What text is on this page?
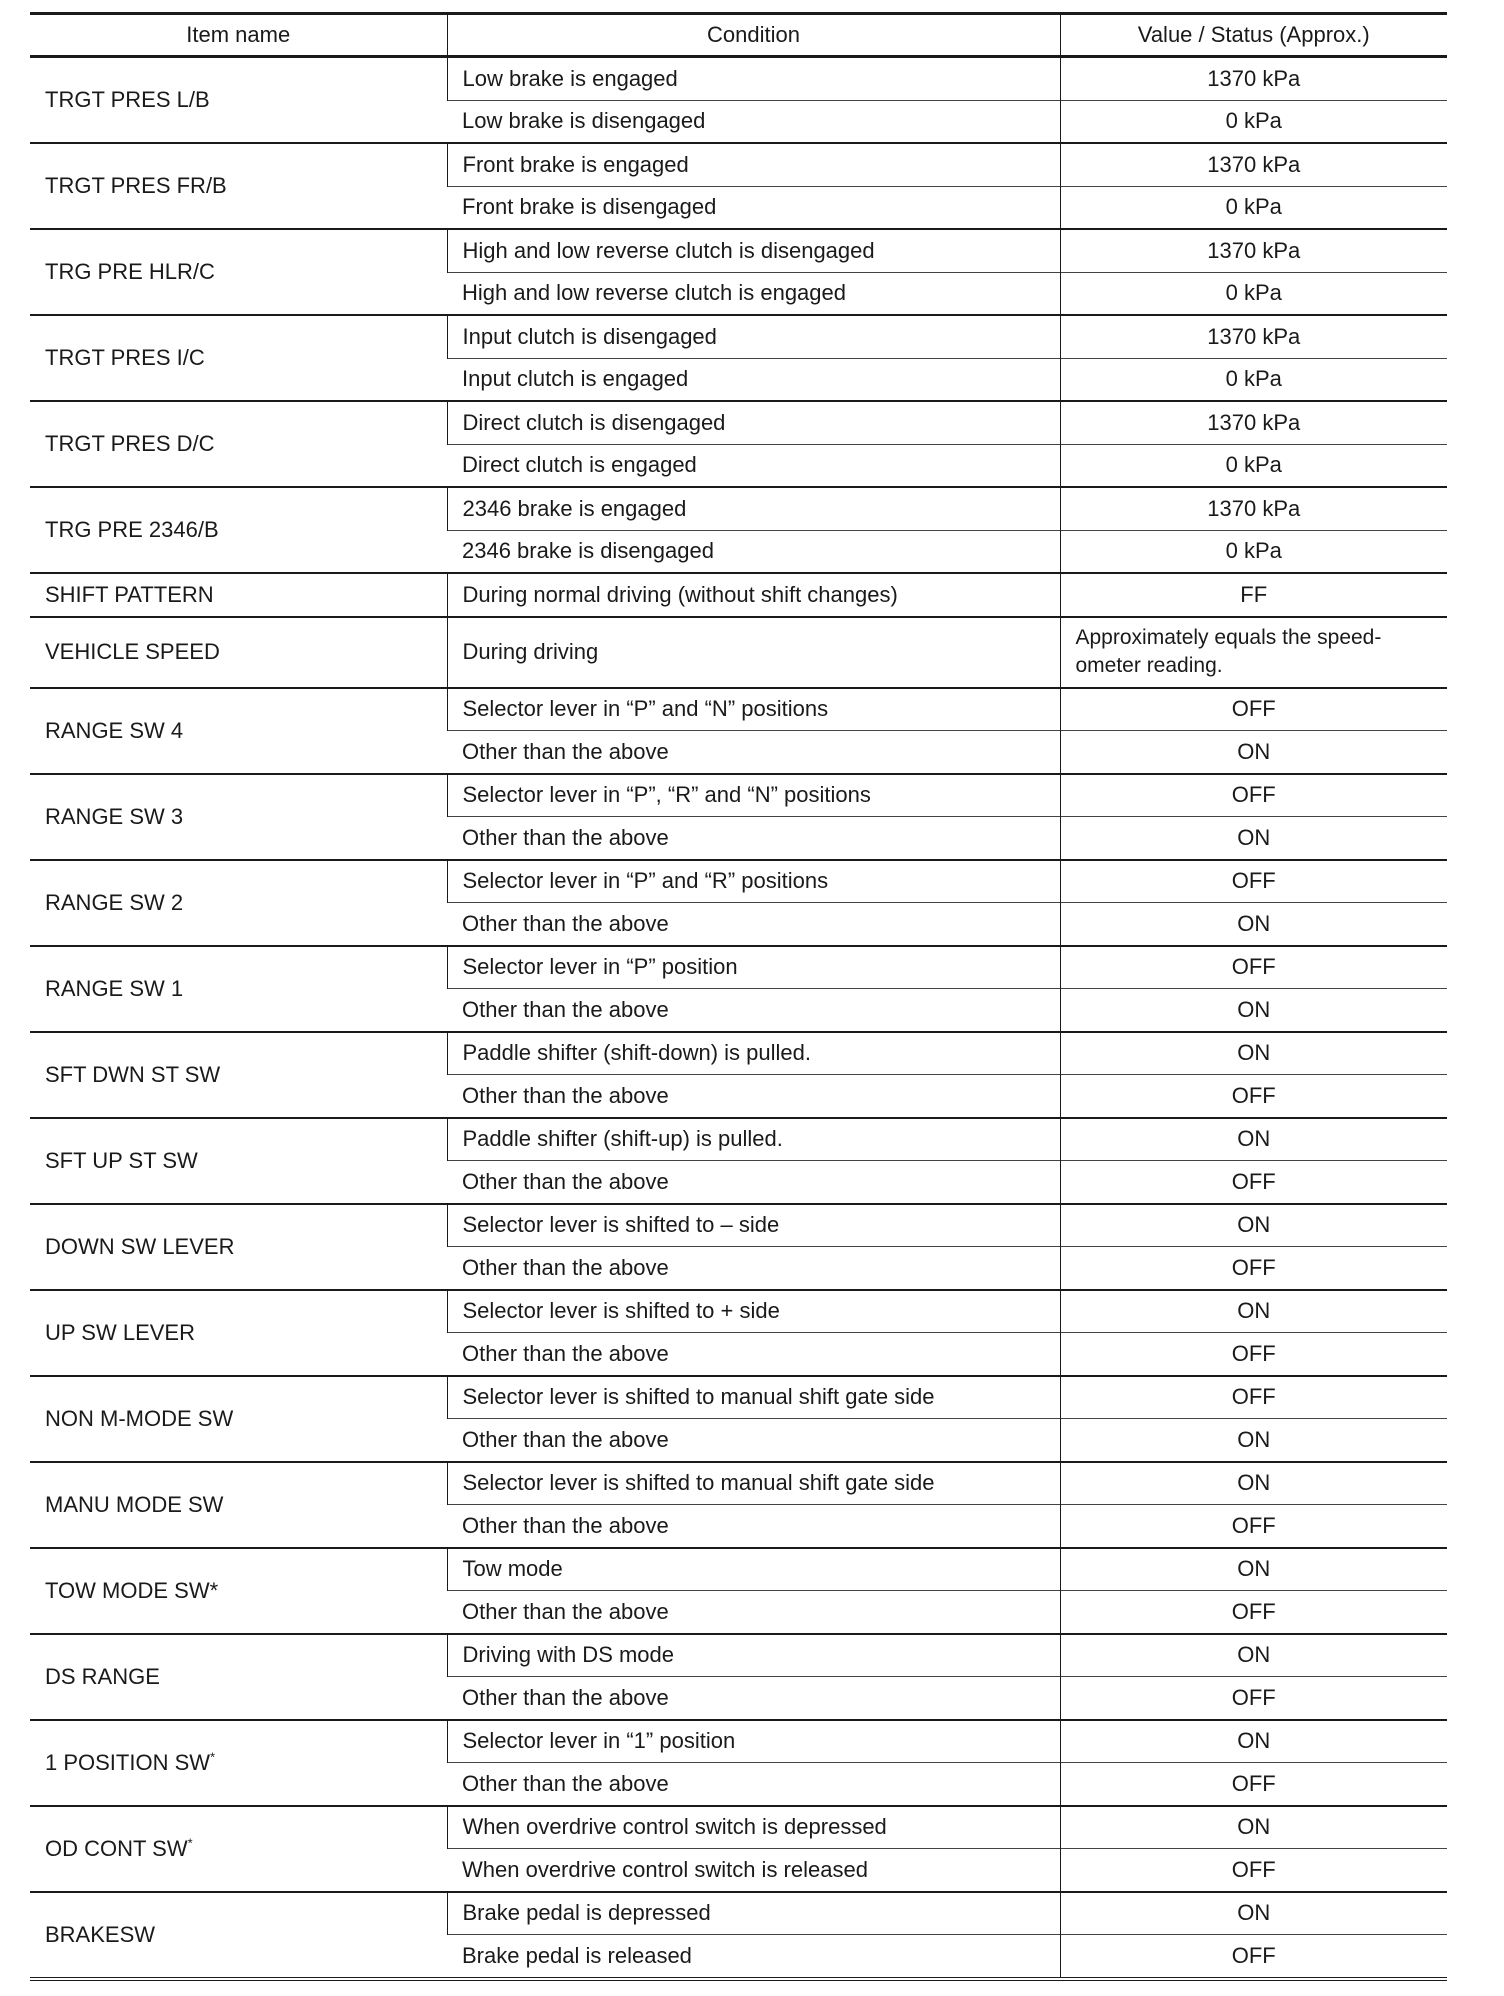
Item name	Condition	Value / Status (Approx.)
TRGT PRES L/B	Low brake is engaged	1370 kPa
	Low brake is disengaged	0 kPa
TRGT PRES FR/B	Front brake is engaged	1370 kPa
	Front brake is disengaged	0 kPa
TRG PRE HLR/C	High and low reverse clutch is disengaged	1370 kPa
	High and low reverse clutch is engaged	0 kPa
TRGT PRES I/C	Input clutch is disengaged	1370 kPa
	Input clutch is engaged	0 kPa
TRGT PRES D/C	Direct clutch is disengaged	1370 kPa
	Direct clutch is engaged	0 kPa
TRG PRE 2346/B	2346 brake is engaged	1370 kPa
	2346 brake is disengaged	0 kPa
SHIFT PATTERN	During normal driving (without shift changes)	FF
VEHICLE SPEED	During driving	Approximately equals the speed-ometer reading.
RANGE SW 4	Selector lever in “P” and “N” positions	OFF
	Other than the above	ON
RANGE SW 3	Selector lever in “P”, “R” and “N” positions	OFF
	Other than the above	ON
RANGE SW 2	Selector lever in “P” and “R” positions	OFF
	Other than the above	ON
RANGE SW 1	Selector lever in “P” position	OFF
	Other than the above	ON
SFT DWN ST SW	Paddle shifter (shift-down) is pulled.	ON
	Other than the above	OFF
SFT UP ST SW	Paddle shifter (shift-up) is pulled.	ON
	Other than the above	OFF
DOWN SW LEVER	Selector lever is shifted to – side	ON
	Other than the above	OFF
UP SW LEVER	Selector lever is shifted to + side	ON
	Other than the above	OFF
NON M-MODE SW	Selector lever is shifted to manual shift gate side	OFF
	Other than the above	ON
MANU MODE SW	Selector lever is shifted to manual shift gate side	ON
	Other than the above	OFF
TOW MODE SW*	Tow mode	ON
	Other than the above	OFF
DS RANGE	Driving with DS mode	ON
	Other than the above	OFF
1 POSITION SW*	Selector lever in “1” position	ON
	Other than the above	OFF
OD CONT SW*	When overdrive control switch is depressed	ON
	When overdrive control switch is released	OFF
BRAKESW	Brake pedal is depressed	ON
	Brake pedal is released	OFF
